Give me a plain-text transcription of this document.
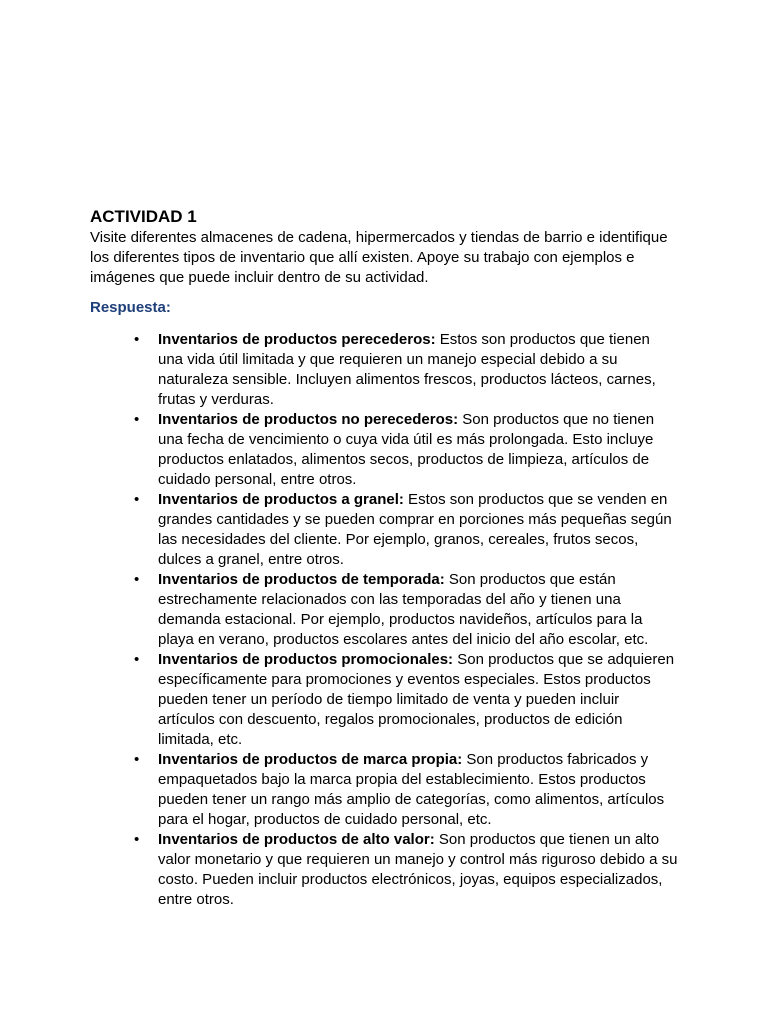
ACTIVIDAD 1

Visite diferentes almacenes de cadena, hipermercados y tiendas de barrio e identifique los diferentes tipos de inventario que allí existen. Apoye su trabajo con ejemplos e imágenes que puede incluir dentro de su actividad.

Respuesta:

• Inventarios de productos perecederos: Estos son productos que tienen una vida útil limitada y que requieren un manejo especial debido a su naturaleza sensible. Incluyen alimentos frescos, productos lácteos, carnes, frutas y verduras.
• Inventarios de productos no perecederos: Son productos que no tienen una fecha de vencimiento o cuya vida útil es más prolongada. Esto incluye productos enlatados, alimentos secos, productos de limpieza, artículos de cuidado personal, entre otros.
• Inventarios de productos a granel: Estos son productos que se venden en grandes cantidades y se pueden comprar en porciones más pequeñas según las necesidades del cliente. Por ejemplo, granos, cereales, frutos secos, dulces a granel, entre otros.
• Inventarios de productos de temporada: Son productos que están estrechamente relacionados con las temporadas del año y tienen una demanda estacional. Por ejemplo, productos navideños, artículos para la playa en verano, productos escolares antes del inicio del año escolar, etc.
• Inventarios de productos promocionales: Son productos que se adquieren específicamente para promociones y eventos especiales. Estos productos pueden tener un período de tiempo limitado de venta y pueden incluir artículos con descuento, regalos promocionales, productos de edición limitada, etc.
• Inventarios de productos de marca propia: Son productos fabricados y empaquetados bajo la marca propia del establecimiento. Estos productos pueden tener un rango más amplio de categorías, como alimentos, artículos para el hogar, productos de cuidado personal, etc.
• Inventarios de productos de alto valor: Son productos que tienen un alto valor monetario y que requieren un manejo y control más riguroso debido a su costo. Pueden incluir productos electrónicos, joyas, equipos especializados, entre otros.
